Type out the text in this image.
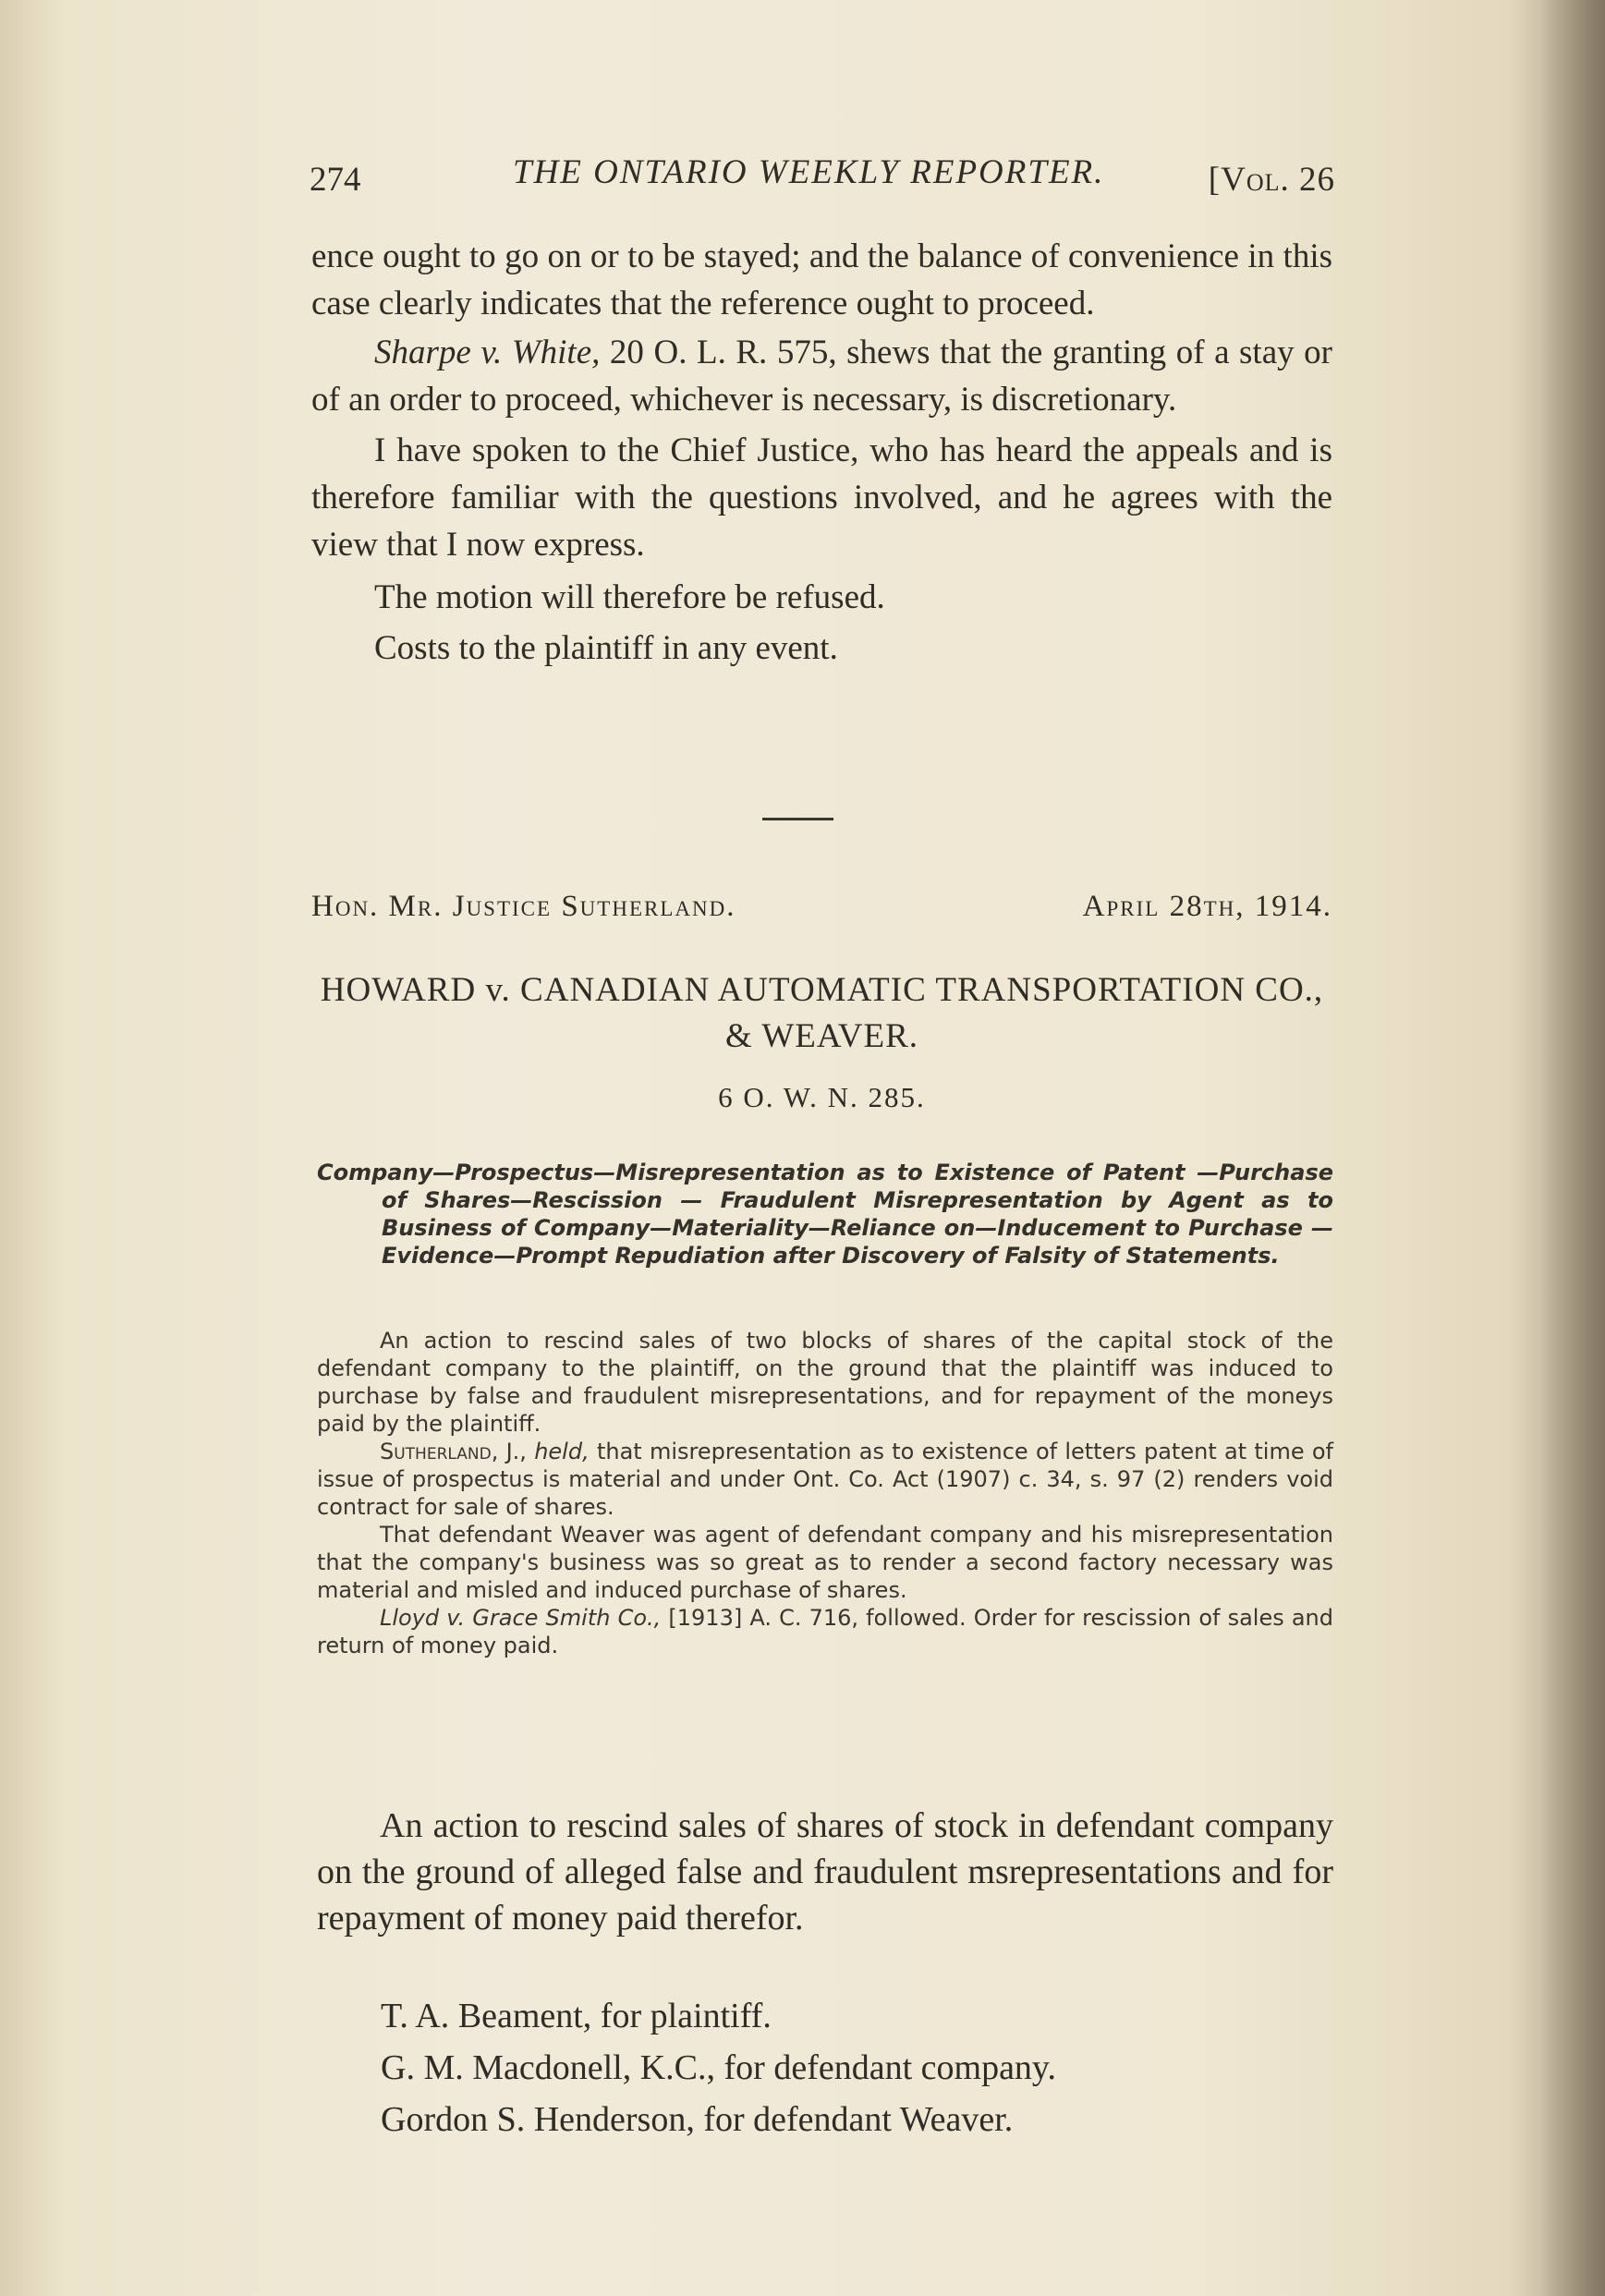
274	THE ONTARIO WEEKLY REPORTER.	[Vol. 26

ence ought to go on or to be stayed; and the balance of convenience in this case clearly indicates that the reference ought to proceed.

Sharpe v. White, 20 O. L. R. 575, shews that the granting of a stay or of an order to proceed, whichever is necessary, is discretionary.

I have spoken to the Chief Justice, who has heard the appeals and is therefore familiar with the questions involved, and he agrees with the view that I now express.

The motion will therefore be refused.

Costs to the plaintiff in any event.

Hon. Mr. Justice Sutherland.	April 28th, 1914.
HOWARD v. CANADIAN AUTOMATIC TRANSPORTATION CO., & WEAVER.
6 O. W. N. 285.
Company—Prospectus—Misrepresentation as to Existence of Patent —Purchase of Shares—Rescission — Fraudulent Misrepresentation by Agent as to Business of Company—Materiality—Reliance on—Inducement to Purchase — Evidence—Prompt Repudiation after Discovery of Falsity of Statements.

An action to rescind sales of two blocks of shares of the capital stock of the defendant company to the plaintiff, on the ground that the plaintiff was induced to purchase by false and fraudulent misrepresentations, and for repayment of the moneys paid by the plaintiff.

Sutherland, J., held, that misrepresentation as to existence of letters patent at time of issue of prospectus is material and under Ont. Co. Act (1907) c. 34, s. 97 (2) renders void contract for sale of shares.

That defendant Weaver was agent of defendant company and his misrepresentation that the company's business was so great as to render a second factory necessary was material and misled and induced purchase of shares.

Lloyd v. Grace Smith Co., [1913] A. C. 716, followed. Order for rescission of sales and return of money paid.

An action to rescind sales of shares of stock in defendant company on the ground of alleged false and fraudulent msrepresentations and for repayment of money paid therefor.

T. A. Beament, for plaintiff.
G. M. Macdonell, K.C., for defendant company.
Gordon S. Henderson, for defendant Weaver.
